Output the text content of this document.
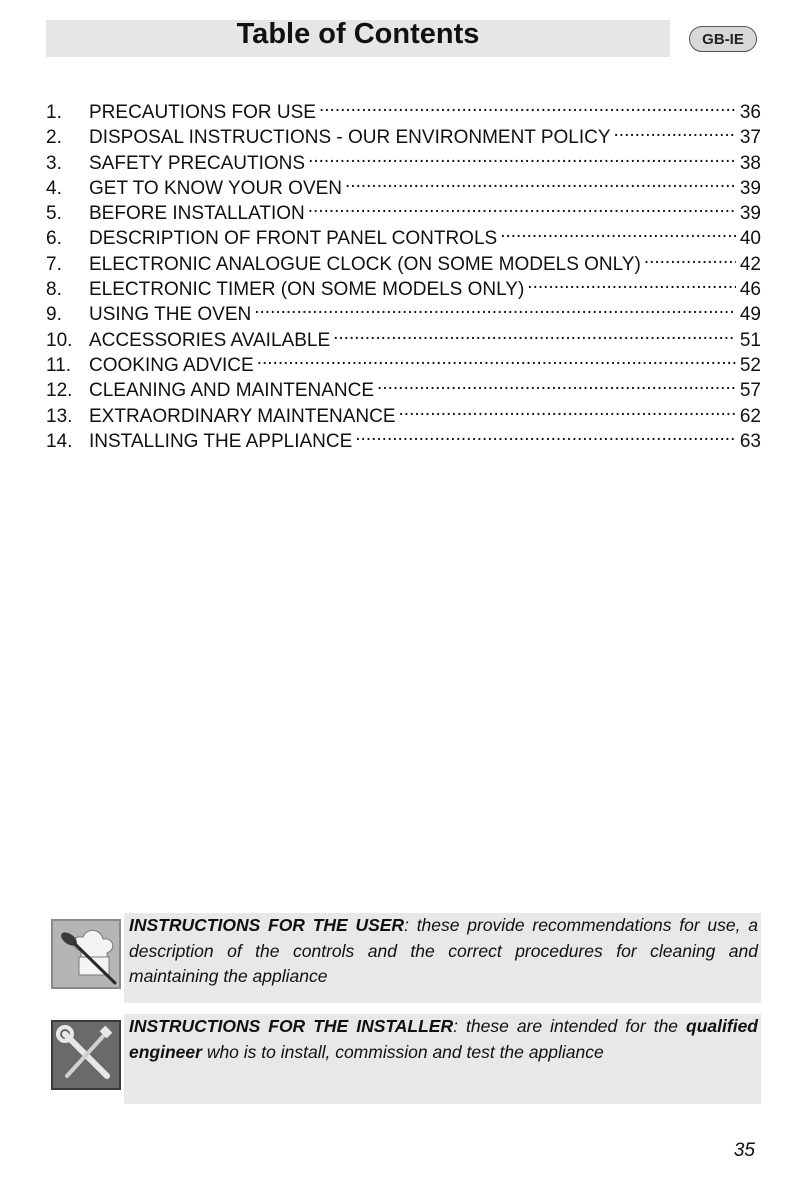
Table of Contents	GB-IE
1.	PRECAUTIONS FOR USE .....	36
2.	DISPOSAL INSTRUCTIONS - OUR ENVIRONMENT POLICY .....	37
3.	SAFETY PRECAUTIONS .....	38
4.	GET TO KNOW YOUR OVEN .....	39
5.	BEFORE INSTALLATION .....	39
6.	DESCRIPTION OF FRONT PANEL CONTROLS .....	40
7.	ELECTRONIC ANALOGUE CLOCK (ON SOME MODELS ONLY) .....	42
8.	ELECTRONIC TIMER (ON SOME MODELS ONLY) .....	46
9.	USING THE OVEN .....	49
10. ACCESSORIES AVAILABLE .....	51
11. COOKING ADVICE .....	52
12. CLEANING AND MAINTENANCE .....	57
13. EXTRAORDINARY MAINTENANCE .....	62
14. INSTALLING THE APPLIANCE .....	63
INSTRUCTIONS FOR THE USER: these provide recommendations for use, a description of the controls and the correct procedures for cleaning and maintaining the appliance
INSTRUCTIONS FOR THE INSTALLER: these are intended for the qualified engineer who is to install, commission and test the appliance
35
